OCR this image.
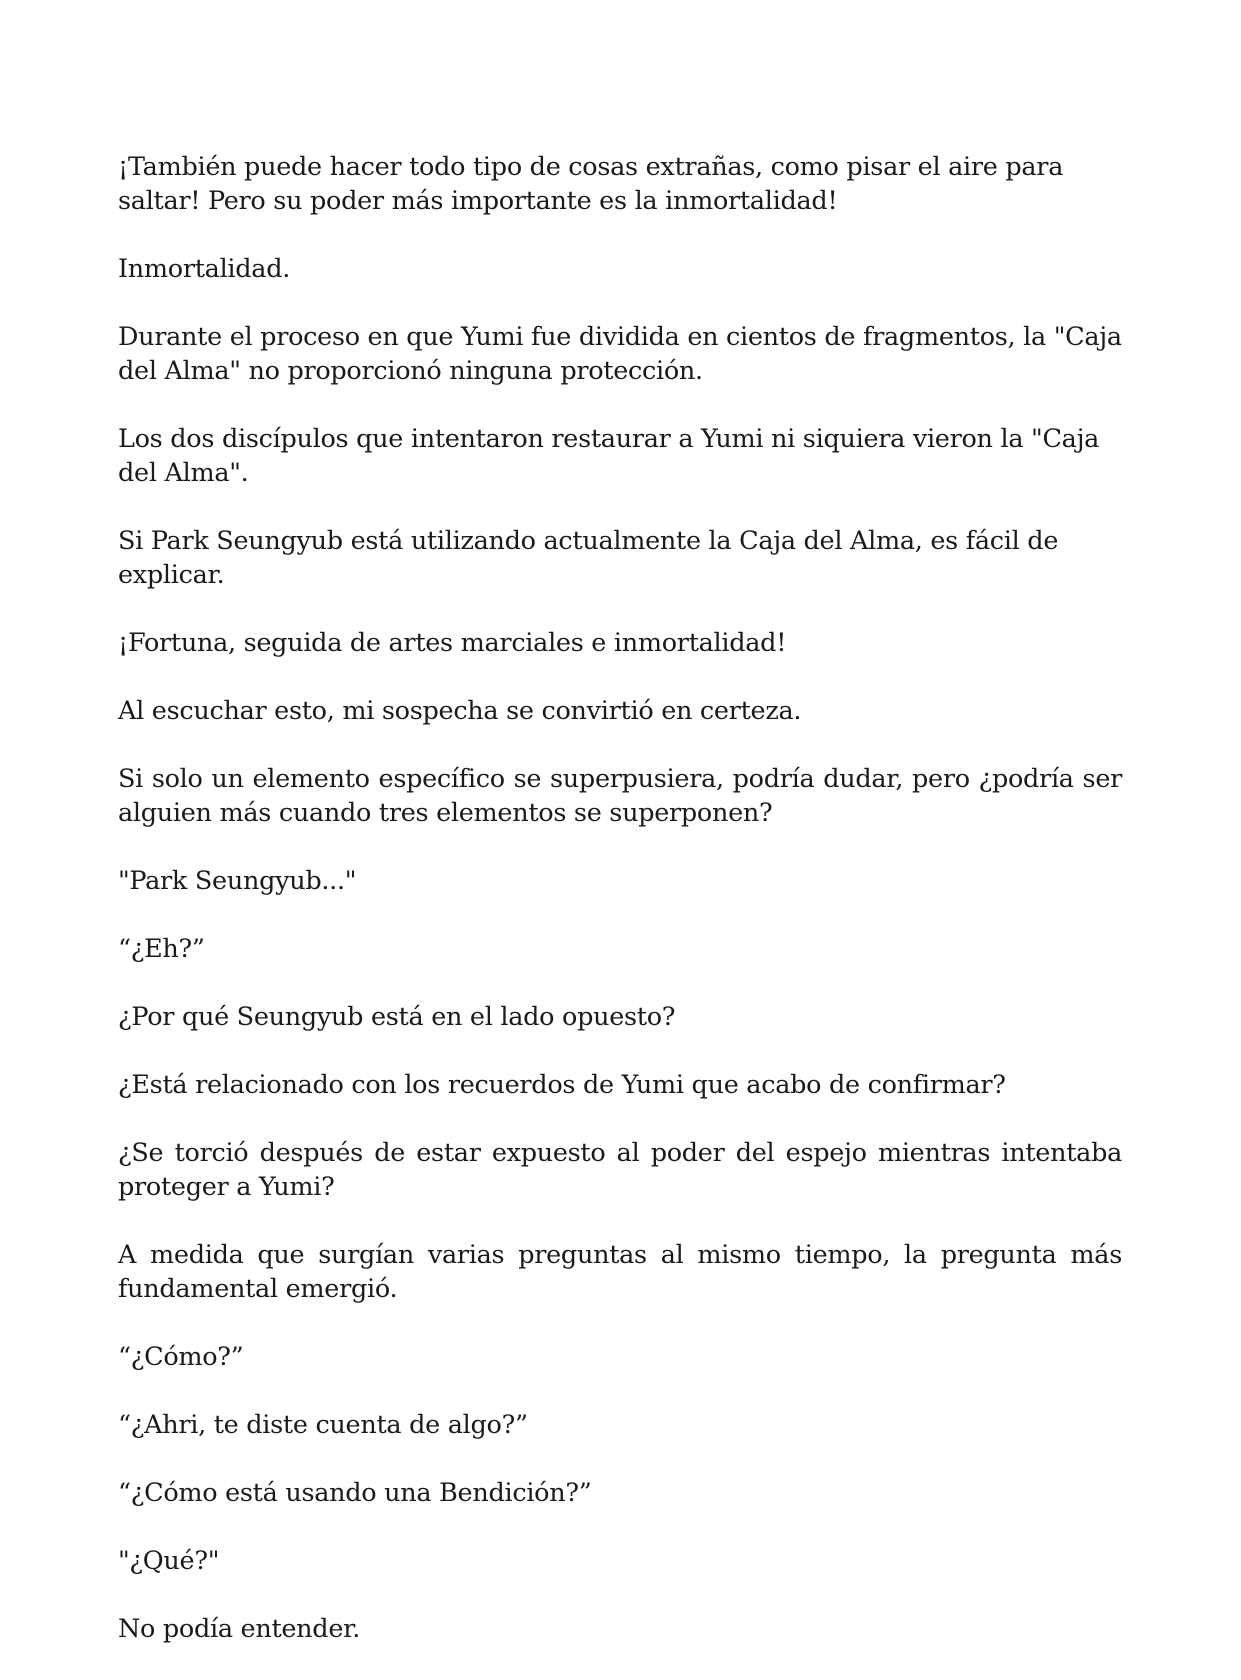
¡También puede hacer todo tipo de cosas extrañas, como pisar el aire para saltar! Pero su poder más importante es la inmortalidad!

Inmortalidad.

Durante el proceso en que Yumi fue dividida en cientos de fragmentos, la "Caja del Alma" no proporcionó ninguna protección.

Los dos discípulos que intentaron restaurar a Yumi ni siquiera vieron la "Caja del Alma".

Si Park Seungyub está utilizando actualmente la Caja del Alma, es fácil de explicar.

¡Fortuna, seguida de artes marciales e inmortalidad!

Al escuchar esto, mi sospecha se convirtió en certeza.

Si solo un elemento específico se superpusiera, podría dudar, pero ¿podría ser alguien más cuando tres elementos se superponen?

"Park Seungyub..."

“¿Eh?”

¿Por qué Seungyub está en el lado opuesto?

¿Está relacionado con los recuerdos de Yumi que acabo de confirmar?

¿Se torció después de estar expuesto al poder del espejo mientras intentaba proteger a Yumi?

A medida que surgían varias preguntas al mismo tiempo, la pregunta más fundamental emergió.

“¿Cómo?”

“¿Ahri, te diste cuenta de algo?”

“¿Cómo está usando una Bendición?”

"¿Qué?"

No podía entender.
